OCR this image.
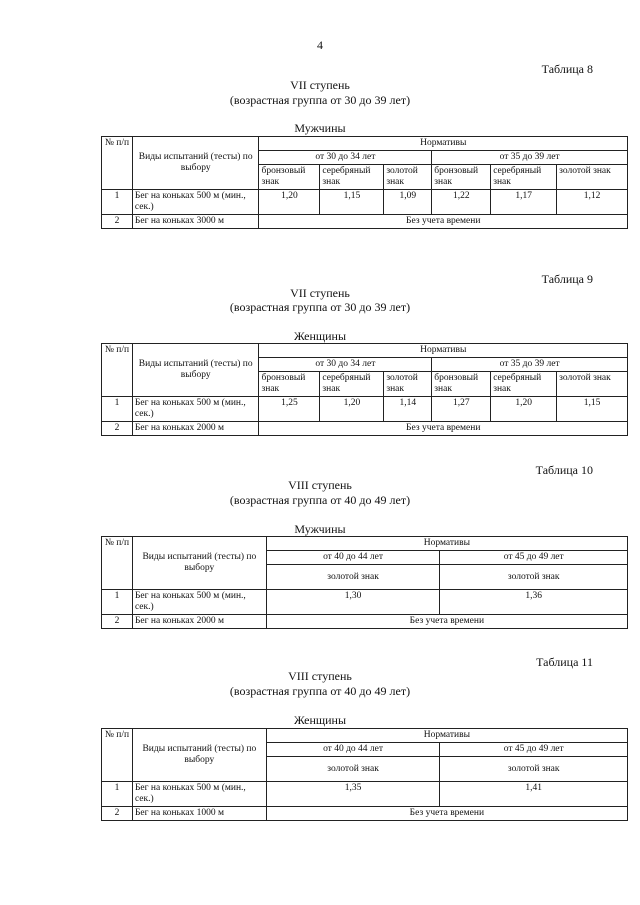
4
Таблица 8
VII ступень
(возрастная группа от 30 до 39 лет)
Мужчины
№ п/п	Виды испытаний (тесты) по выбору	Нормативы					
		от 30 до 34 лет			от 35 до 39 лет		
		бронзовый знак	серебряный знак	золотой знак	бронзовый знак	серебряный знак	золотой знак
1	Бег на коньках 500 м (мин., сек.)	1,20	1,15	1,09	1,22	1,17	1,12
2	Бег на коньках 3000 м	Без учета времени					
Таблица 9
VII ступень
(возрастная группа от 30 до 39 лет)
Женщины
№ п/п	Виды испытаний (тесты) по выбору	Нормативы					
		от 30 до 34 лет			от 35 до 39 лет		
		бронзовый знак	серебряный знак	золотой знак	бронзовый знак	серебряный знак	золотой знак
1	Бег на коньках 500 м (мин., сек.)	1,25	1,20	1,14	1,27	1,20	1,15
2	Бег на коньках 2000 м	Без учета времени					
Таблица 10
VIII ступень
(возрастная группа от 40 до 49 лет)
Мужчины
№ п/п	Виды испытаний (тесты) по выбору	Нормативы	
		от 40 до 44 лет	от 45 до 49 лет
		золотой знак	золотой знак
1	Бег на коньках 500 м (мин., сек.)	1,30	1,36
2	Бег на коньках 2000 м	Без учета времени	
Таблица 11
VIII ступень
(возрастная группа от 40 до 49 лет)
Женщины
№ п/п	Виды испытаний (тесты) по выбору	Нормативы	
		от 40 до 44 лет	от 45 до 49 лет
		золотой знак	золотой знак
1	Бег на коньках 500 м (мин., сек.)	1,35	1,41
2	Бег на коньках 1000 м	Без учета времени	
